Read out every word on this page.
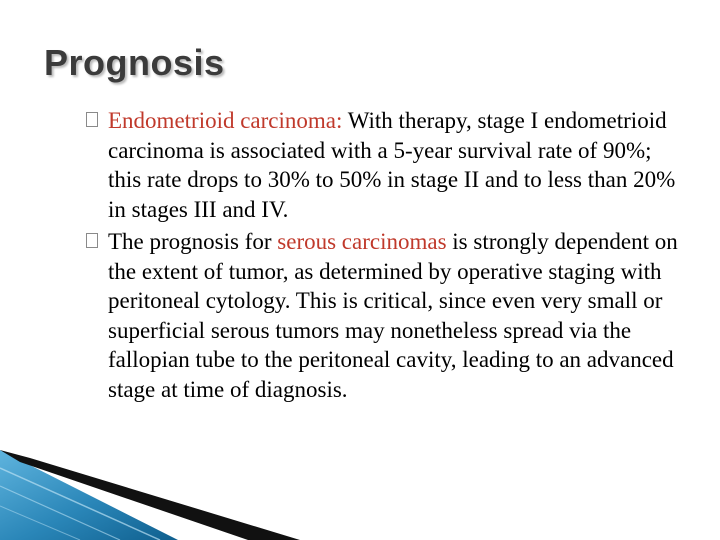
Prognosis

Endometrioid carcinoma: With therapy, stage I endometrioid carcinoma is associated with a 5-year survival rate of 90%; this rate drops to 30% to 50% in stage II and to less than 20% in stages III and IV.

The prognosis for serous carcinomas is strongly dependent on the extent of tumor, as determined by operative staging with peritoneal cytology. This is critical, since even very small or superficial serous tumors may nonetheless spread via the fallopian tube to the peritoneal cavity, leading to an advanced stage at time of diagnosis.
